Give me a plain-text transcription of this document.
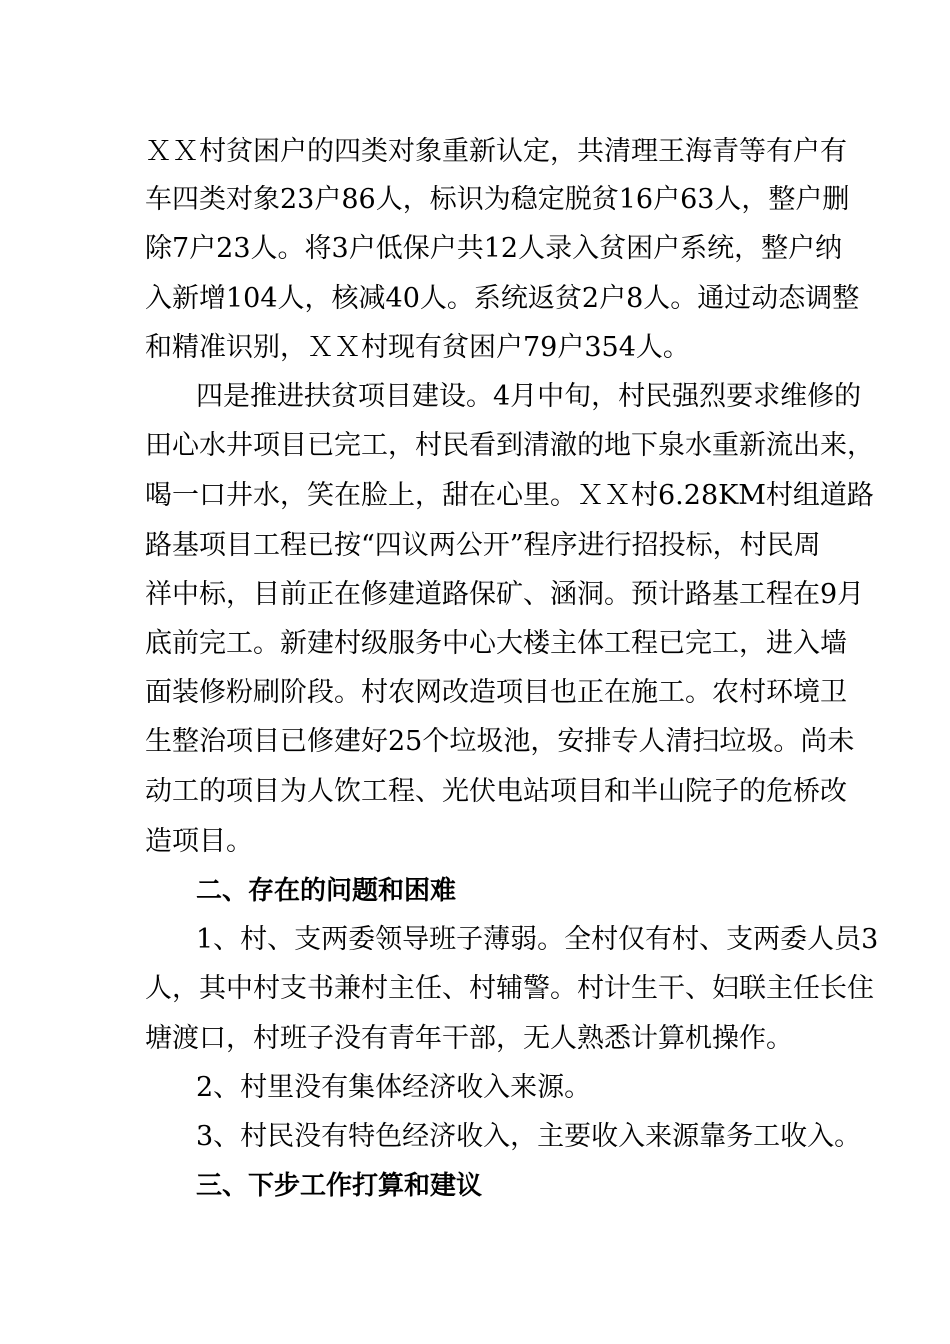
ＸＸ村贫困户的四类对象重新认定，共清理王海青等有户有
车四类对象23户86人，标识为稳定脱贫16户63人，整户删
除7户23人。将3户低保户共12人录入贫困户系统，整户纳
入新增104人，核减40人。系统返贫2户8人。通过动态调整
和精准识别，ＸＸ村现有贫困户79户354人。
四是推进扶贫项目建设。4月中旬，村民强烈要求维修的
田心水井项目已完工，村民看到清澈的地下泉水重新流出来，
喝一口井水，笑在脸上，甜在心里。ＸＸ村6.28KM村组道路
路基项目工程已按“四议两公开”程序进行招投标，村民周
祥中标，目前正在修建道路保矿、涵洞。预计路基工程在9月
底前完工。新建村级服务中心大楼主体工程已完工，进入墙
面装修粉刷阶段。村农网改造项目也正在施工。农村环境卫
生整治项目已修建好25个垃圾池，安排专人清扫垃圾。尚未
动工的项目为人饮工程、光伏电站项目和半山院子的危桥改
造项目。
二、存在的问题和困难
1、村、支两委领导班子薄弱。全村仅有村、支两委人员3
人，其中村支书兼村主任、村辅警。村计生干、妇联主任长住
塘渡口，村班子没有青年干部，无人熟悉计算机操作。
2、村里没有集体经济收入来源。
3、村民没有特色经济收入，主要收入来源靠务工收入。
三、下步工作打算和建议
